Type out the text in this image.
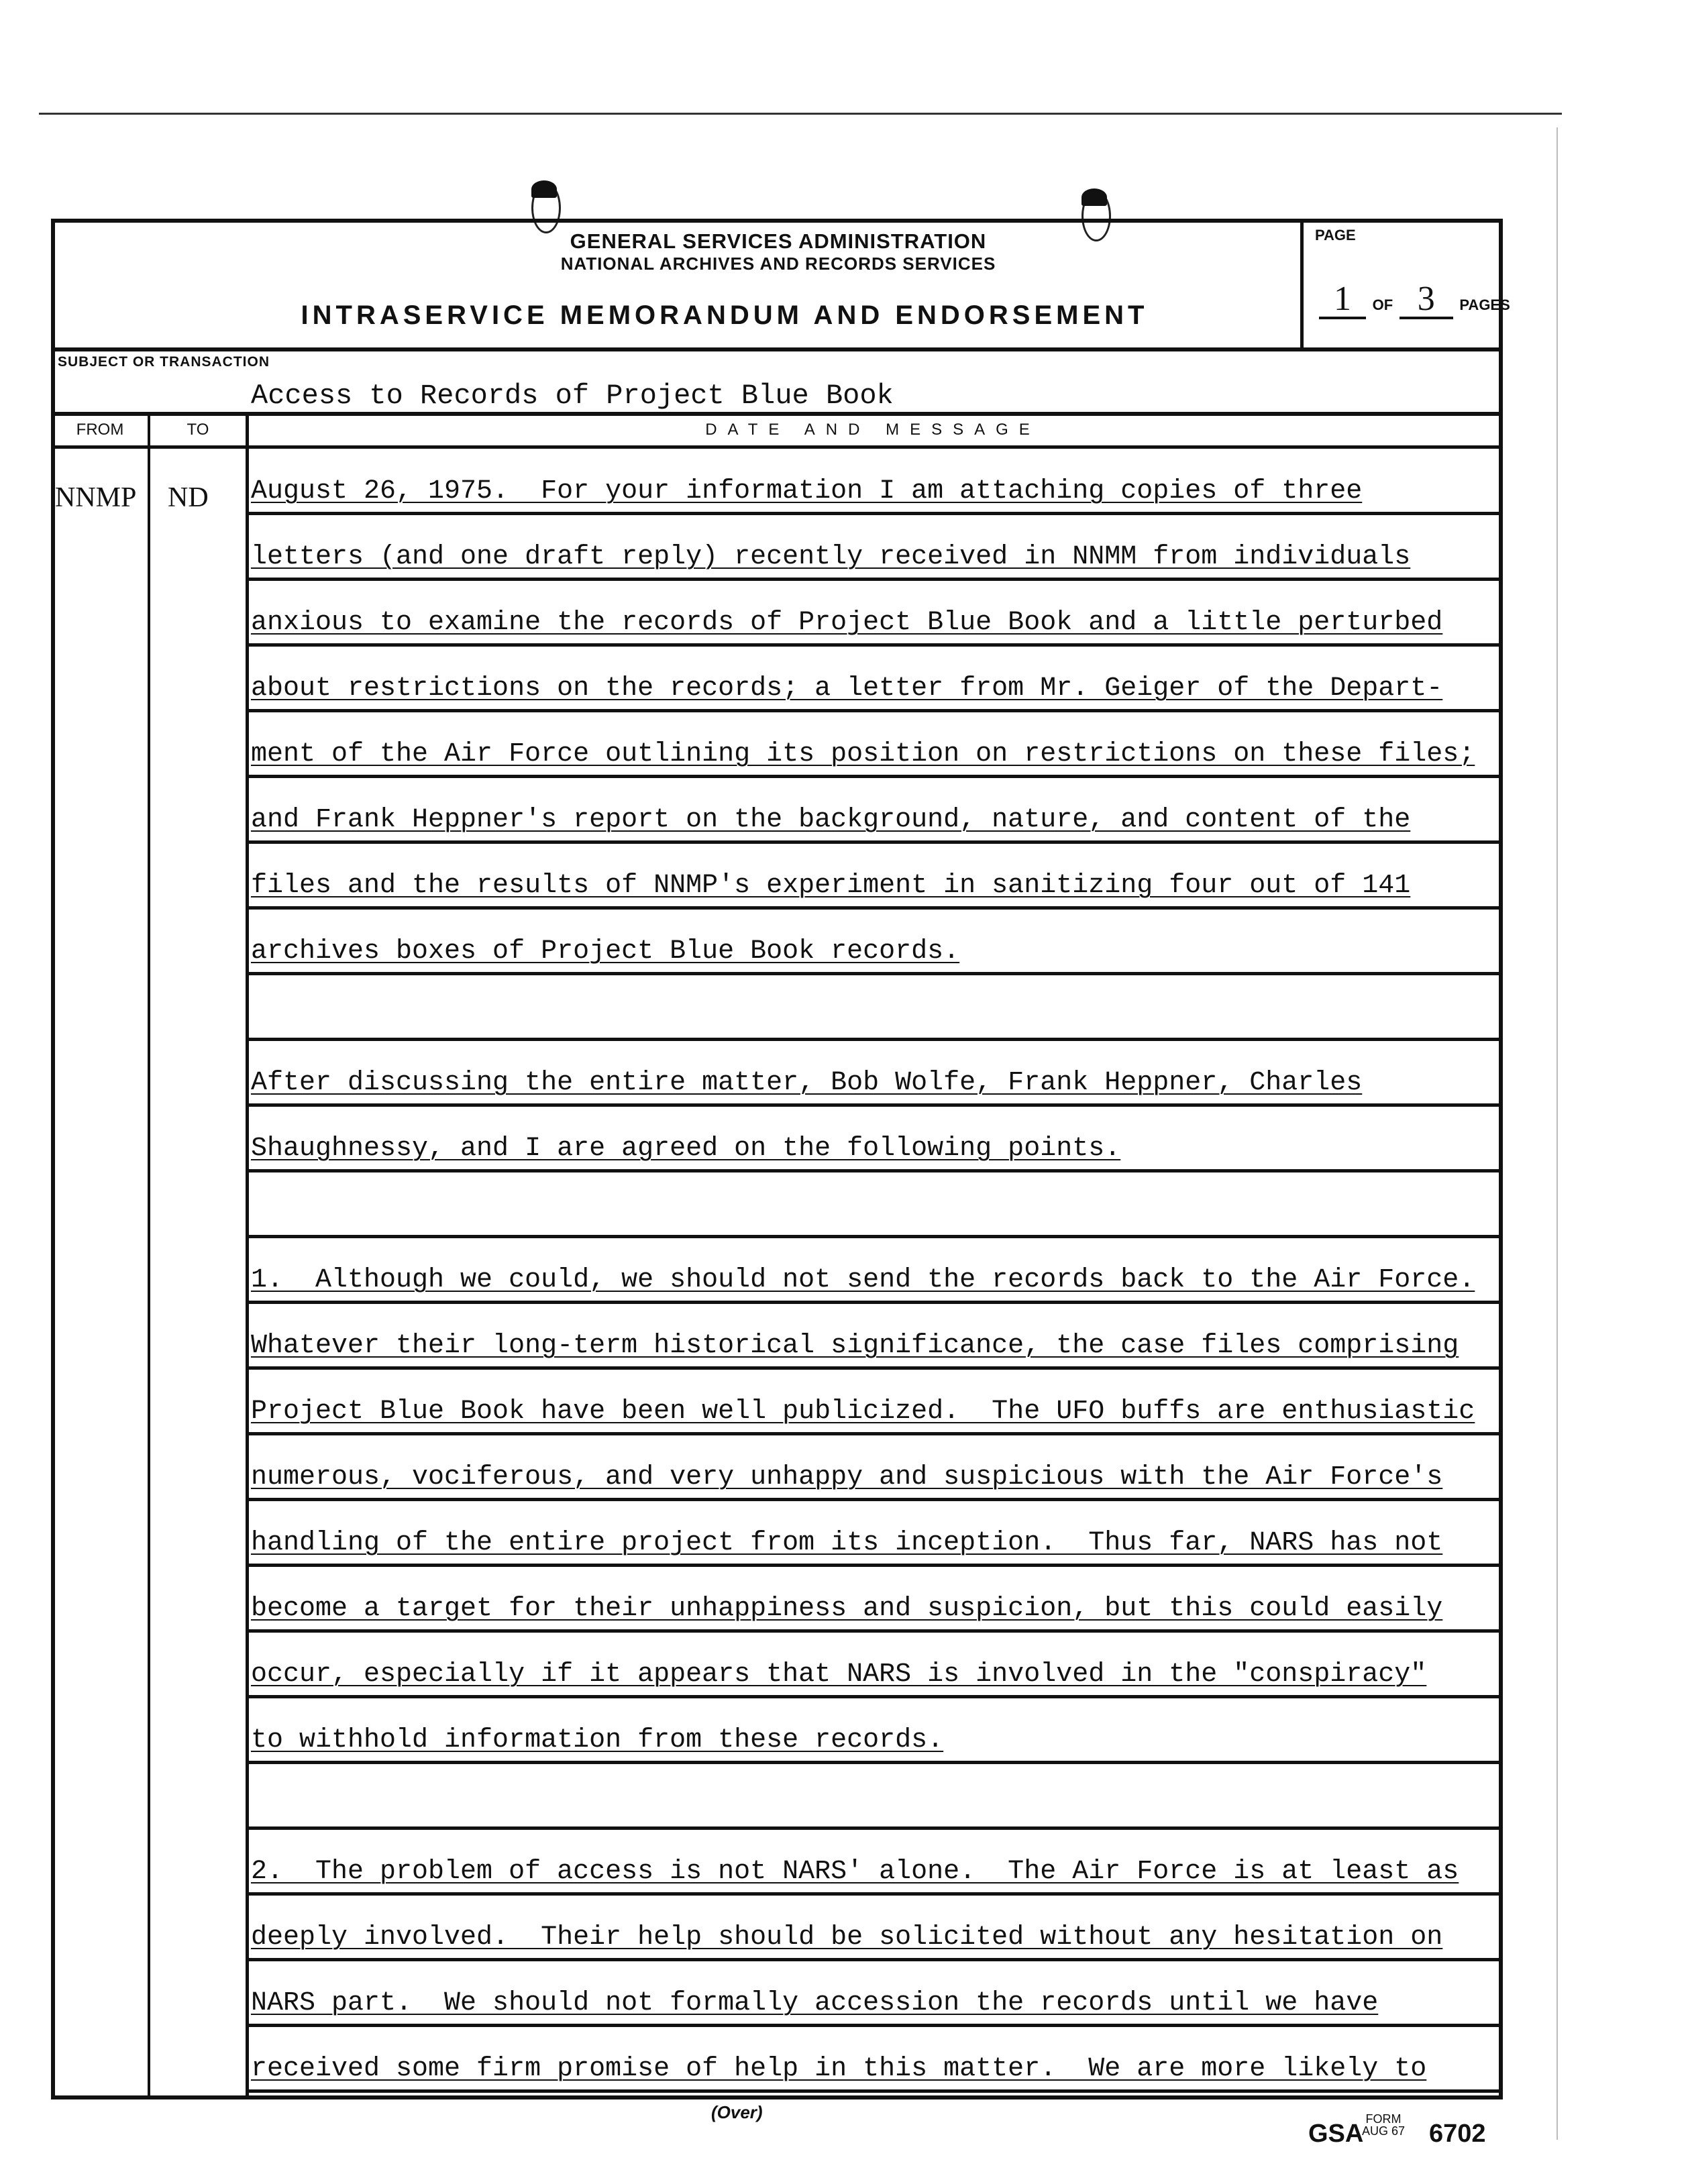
GENERAL SERVICES ADMINISTRATION
NATIONAL ARCHIVES AND RECORDS SERVICES
INTRASERVICE MEMORANDUM AND ENDORSEMENT
PAGE
1 OF 3 PAGES
SUBJECT OR TRANSACTION
Access to Records of Project Blue Book
FROM	TO	DATE AND MESSAGE
NNMP ND August 26, 1975.  For your information I am attaching copies of three
letters (and one draft reply) recently received in NNMM from individuals
anxious to examine the records of Project Blue Book and a little perturbed
about restrictions on the records; a letter from Mr. Geiger of the Depart-
ment of the Air Force outlining its position on restrictions on these files;
and Frank Heppner's report on the background, nature, and content of the
files and the results of NNMP's experiment in sanitizing four out of 141
archives boxes of Project Blue Book records.
After discussing the entire matter, Bob Wolfe, Frank Heppner, Charles
Shaughnessy, and I are agreed on the following points.
1.  Although we could, we should not send the records back to the Air Force.
Whatever their long-term historical significance, the case files comprising
Project Blue Book have been well publicized.  The UFO buffs are enthusiastic
numerous, vociferous, and very unhappy and suspicious with the Air Force's
handling of the entire project from its inception.  Thus far, NARS has not
become a target for their unhappiness and suspicion, but this could easily
occur, especially if it appears that NARS is involved in the "conspiracy"
to withhold information from these records.
2.  The problem of access is not NARS' alone.  The Air Force is at least as
deeply involved.  Their help should be solicited without any hesitation on
NARS part.  We should not formally accession the records until we have
received some firm promise of help in this matter.  We are more likely to
(Over)
GSA
FORM
AUG 67 6702
